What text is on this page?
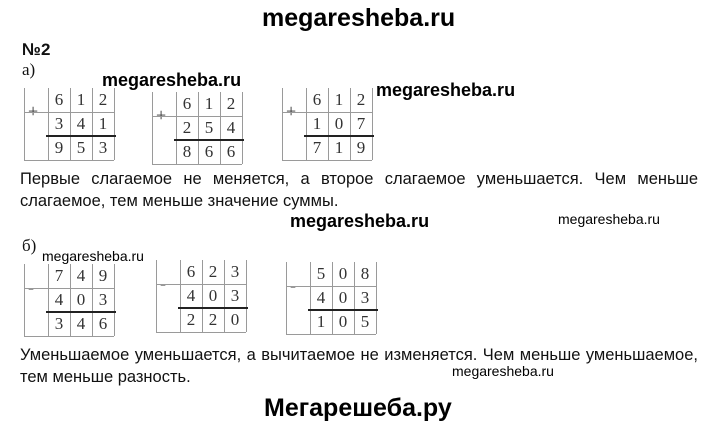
megaresheba.ru
№2
а)
6 1 2
3 4 1
9 5 3
6 1 2
2 5 4
8 6 6
6 1 2
1 0 7
7 1 9
megaresheba.ru	megaresheba.ru
Первые слагаемое не меняется, а второе слагаемое уменьшается. Чем меньше слагаемое, тем меньше значение суммы.
megaresheba.ru	megaresheba.ru
б)
megaresheba.ru
7 4 9
4 0 3
3 4 6
6 2 3
4 0 3
2 2 0
5 0 8
4 0 3
1 0 5
Уменьшаемое уменьшается, а вычитаемое не изменяется. Чем меньше уменьшаемое, тем меньше разность.	megaresheba.ru
Мегарешеба.ру
